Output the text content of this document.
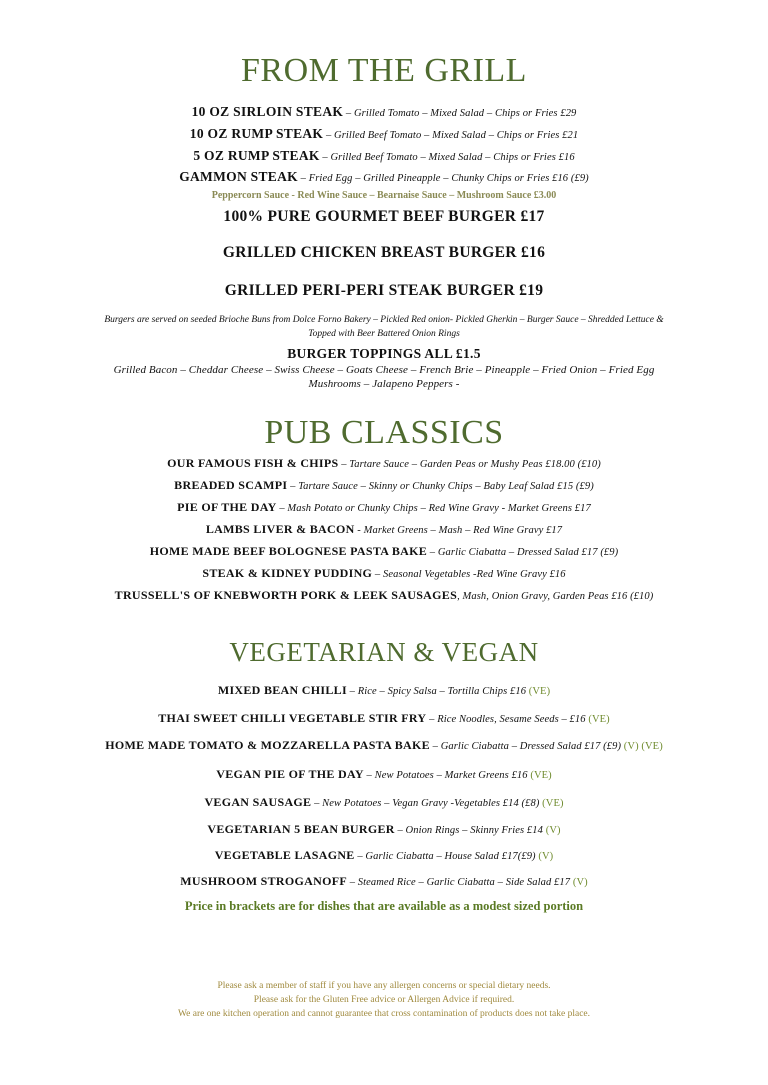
FROM THE GRILL
10 OZ SIRLOIN STEAK – Grilled Tomato – Mixed Salad – Chips or Fries £29
10 OZ RUMP STEAK – Grilled Beef Tomato – Mixed Salad – Chips or Fries £21
5 OZ RUMP STEAK – Grilled Beef Tomato – Mixed Salad – Chips or Fries £16
GAMMON STEAK – Fried Egg – Grilled Pineapple – Chunky Chips or Fries £16 (£9)
Peppercorn Sauce - Red Wine Sauce – Bearnaise Sauce – Mushroom Sauce £3.00
100% PURE GOURMET BEEF BURGER £17
GRILLED CHICKEN BREAST BURGER £16
GRILLED PERI-PERI STEAK BURGER £19
Burgers are served on seeded Brioche Buns from Dolce Forno Bakery – Pickled Red onion- Pickled Gherkin – Burger Sauce – Shredded Lettuce &
Topped with Beer Battered Onion Rings
BURGER TOPPINGS ALL £1.5
Grilled Bacon – Cheddar Cheese – Swiss Cheese – Goats Cheese – French Brie – Pineapple – Fried Onion – Fried Egg
Mushrooms – Jalapeno Peppers -
PUB CLASSICS
OUR FAMOUS FISH & CHIPS – Tartare Sauce – Garden Peas or Mushy Peas £18.00 (£10)
BREADED SCAMPI – Tartare Sauce – Skinny or Chunky Chips – Baby Leaf Salad £15 (£9)
PIE OF THE DAY – Mash Potato or Chunky Chips – Red Wine Gravy - Market Greens £17
LAMBS LIVER & BACON - Market Greens – Mash – Red Wine Gravy £17
HOME MADE BEEF BOLOGNESE PASTA BAKE – Garlic Ciabatta – Dressed Salad £17 (£9)
STEAK & KIDNEY PUDDING – Seasonal Vegetables -Red Wine Gravy £16
TRUSSELL'S OF KNEBWORTH PORK & LEEK SAUSAGES, Mash, Onion Gravy, Garden Peas £16 (£10)
VEGETARIAN & VEGAN
MIXED BEAN CHILLI – Rice – Spicy Salsa – Tortilla Chips £16 (VE)
THAI SWEET CHILLI VEGETABLE STIR FRY – Rice Noodles, Sesame Seeds – £16 (VE)
HOME MADE TOMATO & MOZZARELLA PASTA BAKE – Garlic Ciabatta – Dressed Salad £17 (£9) (V) (VE)
VEGAN PIE OF THE DAY – New Potatoes – Market Greens £16 (VE)
VEGAN SAUSAGE – New Potatoes – Vegan Gravy -Vegetables £14 (£8) (VE)
VEGETARIAN 5 BEAN BURGER – Onion Rings – Skinny Fries £14 (V)
VEGETABLE LASAGNE – Garlic Ciabatta – House Salad £17(£9) (V)
MUSHROOM STROGANOFF – Steamed Rice – Garlic Ciabatta – Side Salad £17 (V)
Price in brackets are for dishes that are available as a modest sized portion
Please ask a member of staff if you have any allergen concerns or special dietary needs.
Please ask for the Gluten Free advice or Allergen Advice if required.
We are one kitchen operation and cannot guarantee that cross contamination of products does not take place.
